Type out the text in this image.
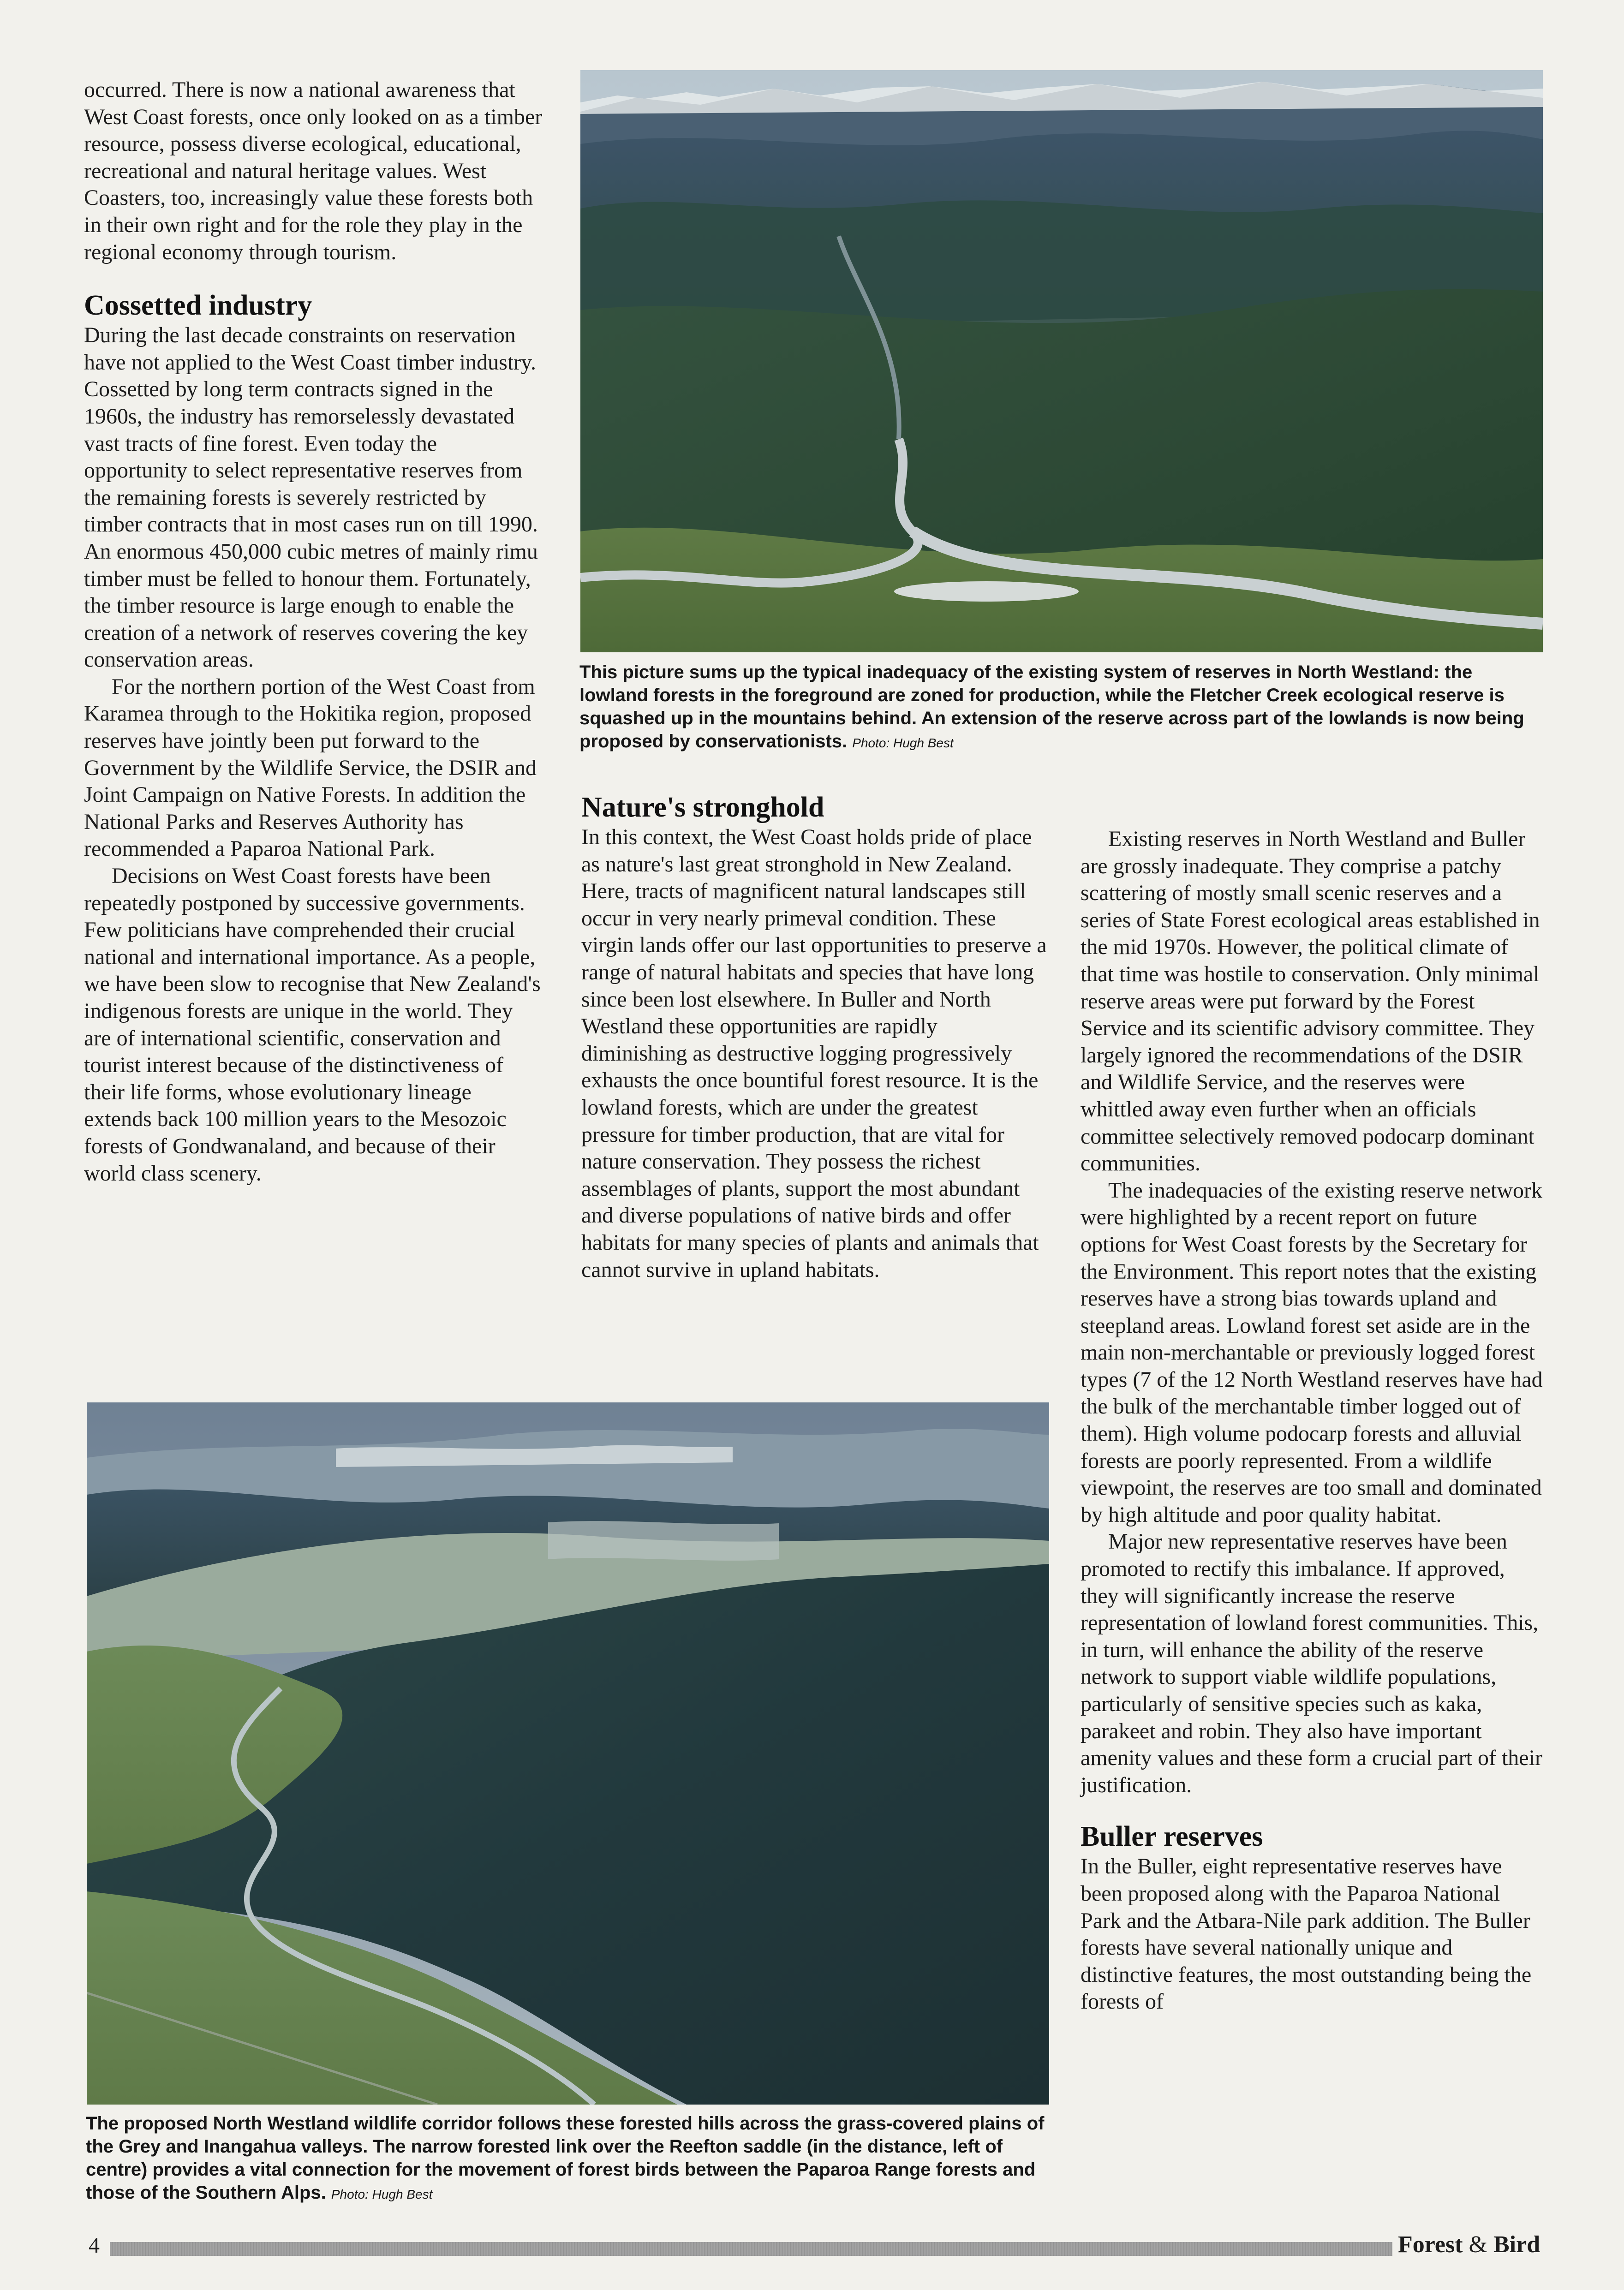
occurred. There is now a national awareness that West Coast forests, once only looked on as a timber resource, possess diverse ecological, educational, recreational and natural heritage values. West Coasters, too, increasingly value these forests both in their own right and for the role they play in the regional economy through tourism.

Cossetted industry

During the last decade constraints on reservation have not applied to the West Coast timber industry. Cossetted by long term contracts signed in the 1960s, the industry has remorselessly devastated vast tracts of fine forest. Even today the opportunity to select representative reserves from the remaining forests is severely restricted by timber contracts that in most cases run on till 1990. An enormous 450,000 cubic metres of mainly rimu timber must be felled to honour them. Fortunately, the timber resource is large enough to enable the creation of a network of reserves covering the key conservation areas.

For the northern portion of the West Coast from Karamea through to the Hokitika region, proposed reserves have jointly been put forward to the Government by the Wildlife Service, the DSIR and Joint Campaign on Native Forests. In addition the National Parks and Reserves Authority has recommended a Paparoa National Park.

Decisions on West Coast forests have been repeatedly postponed by successive governments. Few politicians have comprehended their crucial national and international importance. As a people, we have been slow to recognise that New Zealand's indigenous forests are unique in the world. They are of international scientific, conservation and tourist interest because of the distinctiveness of their life forms, whose evolutionary lineage extends back 100 million years to the Mesozoic forests of Gondwanaland, and because of their world class scenery.

This picture sums up the typical inadequacy of the existing system of reserves in North Westland: the lowland forests in the foreground are zoned for production, while the Fletcher Creek ecological reserve is squashed up in the mountains behind. An extension of the reserve across part of the lowlands is now being proposed by conservationists. Photo: Hugh Best
Nature's stronghold

In this context, the West Coast holds pride of place as nature's last great stronghold in New Zealand. Here, tracts of magnificent natural landscapes still occur in very nearly primeval condition. These virgin lands offer our last opportunities to preserve a range of natural habitats and species that have long since been lost elsewhere. In Buller and North Westland these opportunities are rapidly diminishing as destructive logging progressively exhausts the once bountiful forest resource. It is the lowland forests, which are under the greatest pressure for timber production, that are vital for nature conservation. They possess the richest assemblages of plants, support the most abundant and diverse populations of native birds and offer habitats for many species of plants and animals that cannot survive in upland habitats.

Existing reserves in North Westland and Buller are grossly inadequate. They comprise a patchy scattering of mostly small scenic reserves and a series of State Forest ecological areas established in the mid 1970s. However, the political climate of that time was hostile to conservation. Only minimal reserve areas were put forward by the Forest Service and its scientific advisory committee. They largely ignored the recommendations of the DSIR and Wildlife Service, and the reserves were whittled away even further when an officials committee selectively removed podocarp dominant communities.

The inadequacies of the existing reserve network were highlighted by a recent report on future options for West Coast forests by the Secretary for the Environment. This report notes that the existing reserves have a strong bias towards upland and steepland areas. Lowland forest set aside are in the main non-merchantable or previously logged forest types (7 of the 12 North Westland reserves have had the bulk of the merchantable timber logged out of them). High volume podocarp forests and alluvial forests are poorly represented. From a wildlife viewpoint, the reserves are too small and dominated by high altitude and poor quality habitat.

Major new representative reserves have been promoted to rectify this imbalance. If approved, they will significantly increase the reserve representation of lowland forest communities. This, in turn, will enhance the ability of the reserve network to support viable wildlife populations, particularly of sensitive species such as kaka, parakeet and robin. They also have important amenity values and these form a crucial part of their justification.

Buller reserves

In the Buller, eight representative reserves have been proposed along with the Paparoa National Park and the Atbara-Nile park addition. The Buller forests have several nationally unique and distinctive features, the most outstanding being the forests of

The proposed North Westland wildlife corridor follows these forested hills across the grass-covered plains of the Grey and Inangahua valleys. The narrow forested link over the Reefton saddle (in the distance, left of centre) provides a vital connection for the movement of forest birds between the Paparoa Range forests and those of the Southern Alps. Photo: Hugh Best
4	Forest & Bird
